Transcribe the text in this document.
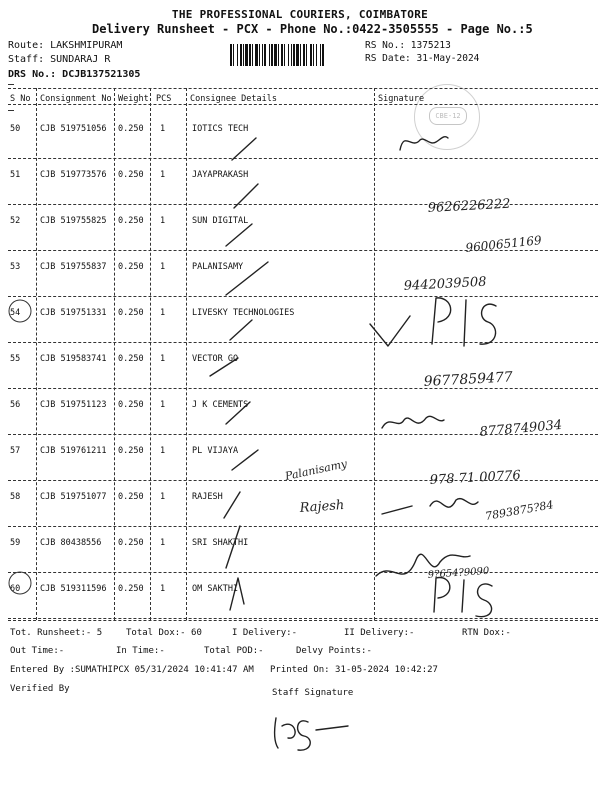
THE PROFESSIONAL COURIERS, COIMBATORE
Delivery Runsheet - PCX - Phone No.:0422-3505555 - Page No.:5
Route: LAKSHMIPURAM
Staff: SUNDARAJ R
DRS No.: DCJB137521305
RS No.: 1375213
RS Date: 31-May-2024
CBE-12
S No Consignment No Weight PCS Consignee Details	Signature
50 CJB 519751056 0.250 1	IOTICS TECH
51 CJB 519773576 0.250 1	JAYAPRAKASH
52 CJB 519755825 0.250 1	SUN DIGITAL
53 CJB 519755837 0.250 1	PALANISAMY
54 CJB 519751331 0.250 1	LIVESKY TECHNOLOGIES
55 CJB 519583741 0.250 1	VECTOR GO
56 CJB 519751123 0.250 1	J K CEMENTS
57 CJB 519761211 0.250 1	PL VIJAYA
58 CJB 519751077 0.250 1	RAJESH
59 CJB 80438556 0.250 1	SRI SHAKTHI
60 CJB 519311596 0.250 1	OM SAKTHI
Tot. Runsheet:- 5	Total Dox:- 60	I Delivery:-	II Delivery:-	RTN Dox:-
Out Time:-	In Time:-	Total POD:-	Delvy Points:-
Entered By :SUMATHIPCX 05/31/2024 10:41:47 AM Printed On: 31-05-2024 10:42:27
Verified By	Staff Signature
9626226222
9600651169
9442039508
9677859477
8778749034
978 71 00776
7893875?84
9?654?9090
Palanisamy
Rajesh
